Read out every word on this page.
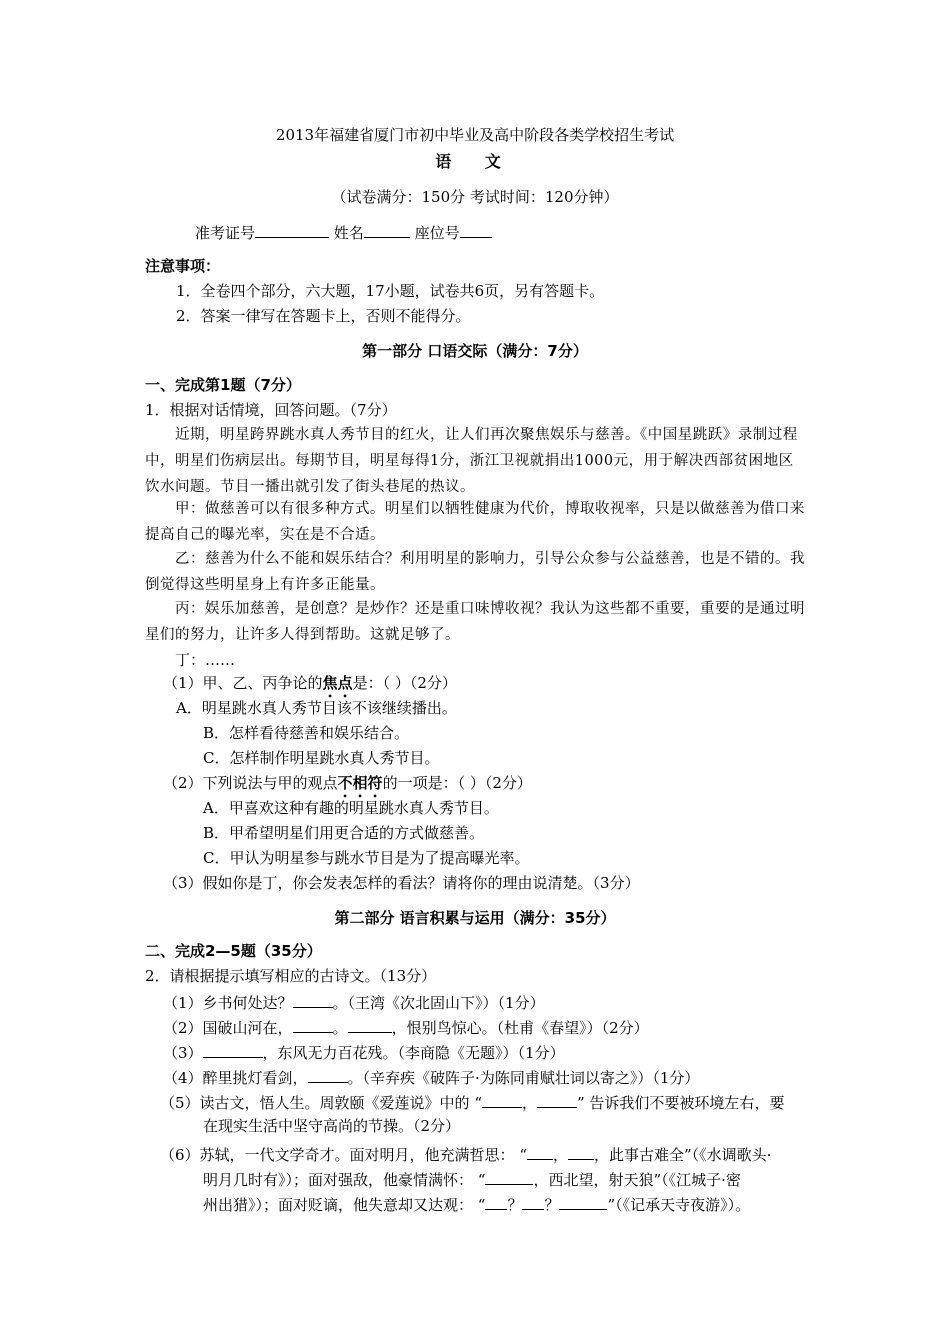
2013年福建省厦门市初中毕业及高中阶段各类学校招生考试
语 文
（试卷满分：150分 考试时间：120分钟）
准考证号	姓名	座位号
注意事项：
1．全卷四个部分，六大题，17小题，试卷共6页，另有答题卡。
2．答案一律写在答题卡上，否则不能得分。
第一部分 口语交际（满分：7分）
一、完成第1题（7分）
1．根据对话情境，回答问题。（7分）
近期，明星跨界跳水真人秀节目的红火，让人们再次聚焦娱乐与慈善。《中国星跳跃》录制过程中，明星们伤病层出。每期节目，明星每得1分，浙江卫视就捐出1000元，用于解决西部贫困地区饮水问题。节目一播出就引发了街头巷尾的热议。
甲：做慈善可以有很多种方式。明星们以牺牲健康为代价，博取收视率，只是以做慈善为借口来提高自己的曝光率，实在是不合适。
乙：慈善为什么不能和娱乐结合？利用明星的影响力，引导公众参与公益慈善，也是不错的。我倒觉得这些明星身上有许多正能量。
丙：娱乐加慈善，是创意？是炒作？还是重口味博收视？我认为这些都不重要，重要的是通过明星们的努力，让许多人得到帮助。这就足够了。
丁：……
（1）甲、乙、丙争论的焦点是：（ ）（2分）
A．明星跳水真人秀节目该不该继续播出。
B．怎样看待慈善和娱乐结合。
C．怎样制作明星跳水真人秀节目。
（2）下列说法与甲的观点不相符的一项是：（ ）（2分）
A．甲喜欢这种有趣的明星跳水真人秀节目。
B．甲希望明星们用更合适的方式做慈善。
C．甲认为明星参与跳水节目是为了提高曝光率。
（3）假如你是丁，你会发表怎样的看法？请将你的理由说清楚。（3分）
第二部分 语言积累与运用（满分：35分）
二、完成2—5题（35分）
2．请根据提示填写相应的古诗文。（13分）
（1）乡书何处达？	。（王湾《次北固山下》）（1分）
（2）国破山河在，	。	，恨别鸟惊心。（杜甫《春望》）（2分）
（3）	，东风无力百花残。（李商隐《无题》）（1分）
（4）醉里挑灯看剑，	。（辛弃疾《破阵子·为陈同甫赋壮词以寄之》）（1分）
（5）读古文，悟人生。周敦颐《爱莲说》中的 “	，	” 告诉我们不要被环境左右，要
在现实生活中坚守高尚的节操。（2分）
（6）苏轼，一代文学奇才。面对明月，他充满哲思： “ ， ，此事古难全”（《水调歌头·
明月几时有》）；面对强敌，他豪情满怀： “	，西北望，射天狼”（《江城子·密
州出猎》）；面对贬谪，他失意却又达观： “ ？ ？	”（《记承天寺夜游》）。
